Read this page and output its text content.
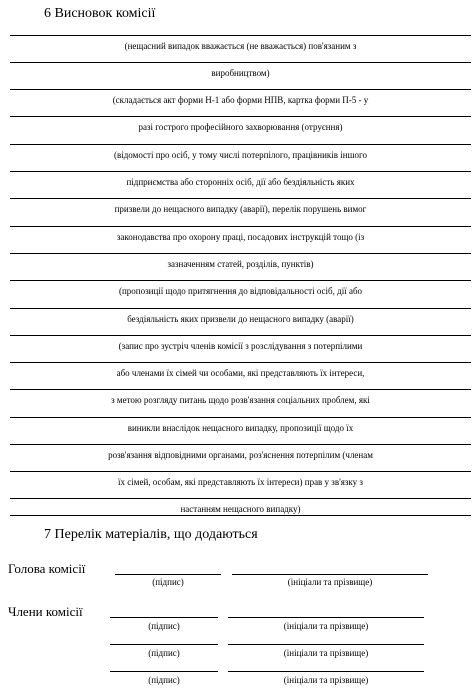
6 Висновок комісії
(нещасний випадок вважається (не вважається) пов'язаним з
виробництвом)
(складається акт форми Н-1 або форми НПВ, картка форми П-5 - у
разі гострого професійного захворювання (отруєння)
(відомості про осіб, у тому числі потерпілого, працівників іншого
підприємства або сторонніх осіб, дії або бездіяльність яких
призвели до нещасного випадку (аварії), перелік порушень вимог
законодавства про охорону праці, посадових інструкцій тощо (із
зазначенням статей, розділів, пунктів)
(пропозиції щодо притягнення до відповідальності осіб, дії або
бездіяльність яких призвели до нещасного випадку (аварії)
(запис про зустріч членів комісії з розслідування з потерпілими
або членами їх сімей чи особами, які представляють їх інтереси,
з метою розгляду питань щодо розв'язання соціальних проблем, які
виникли внаслідок нещасного випадку, пропозиції щодо їх
розв'язання відповідними органами, роз'яснення потерпілим (членам
їх сімей, особам, які представляють їх інтереси) прав у зв'язку з
настанням нещасного випадку)
7 Перелік матеріалів, що додаються
Голова комісії
(підпис)	(ініціали та прізвище)
Члени комісії
(підпис)	(ініціали та прізвище)
(підпис)	(ініціали та прізвище)
(підпис)	(ініціали та прізвище)
